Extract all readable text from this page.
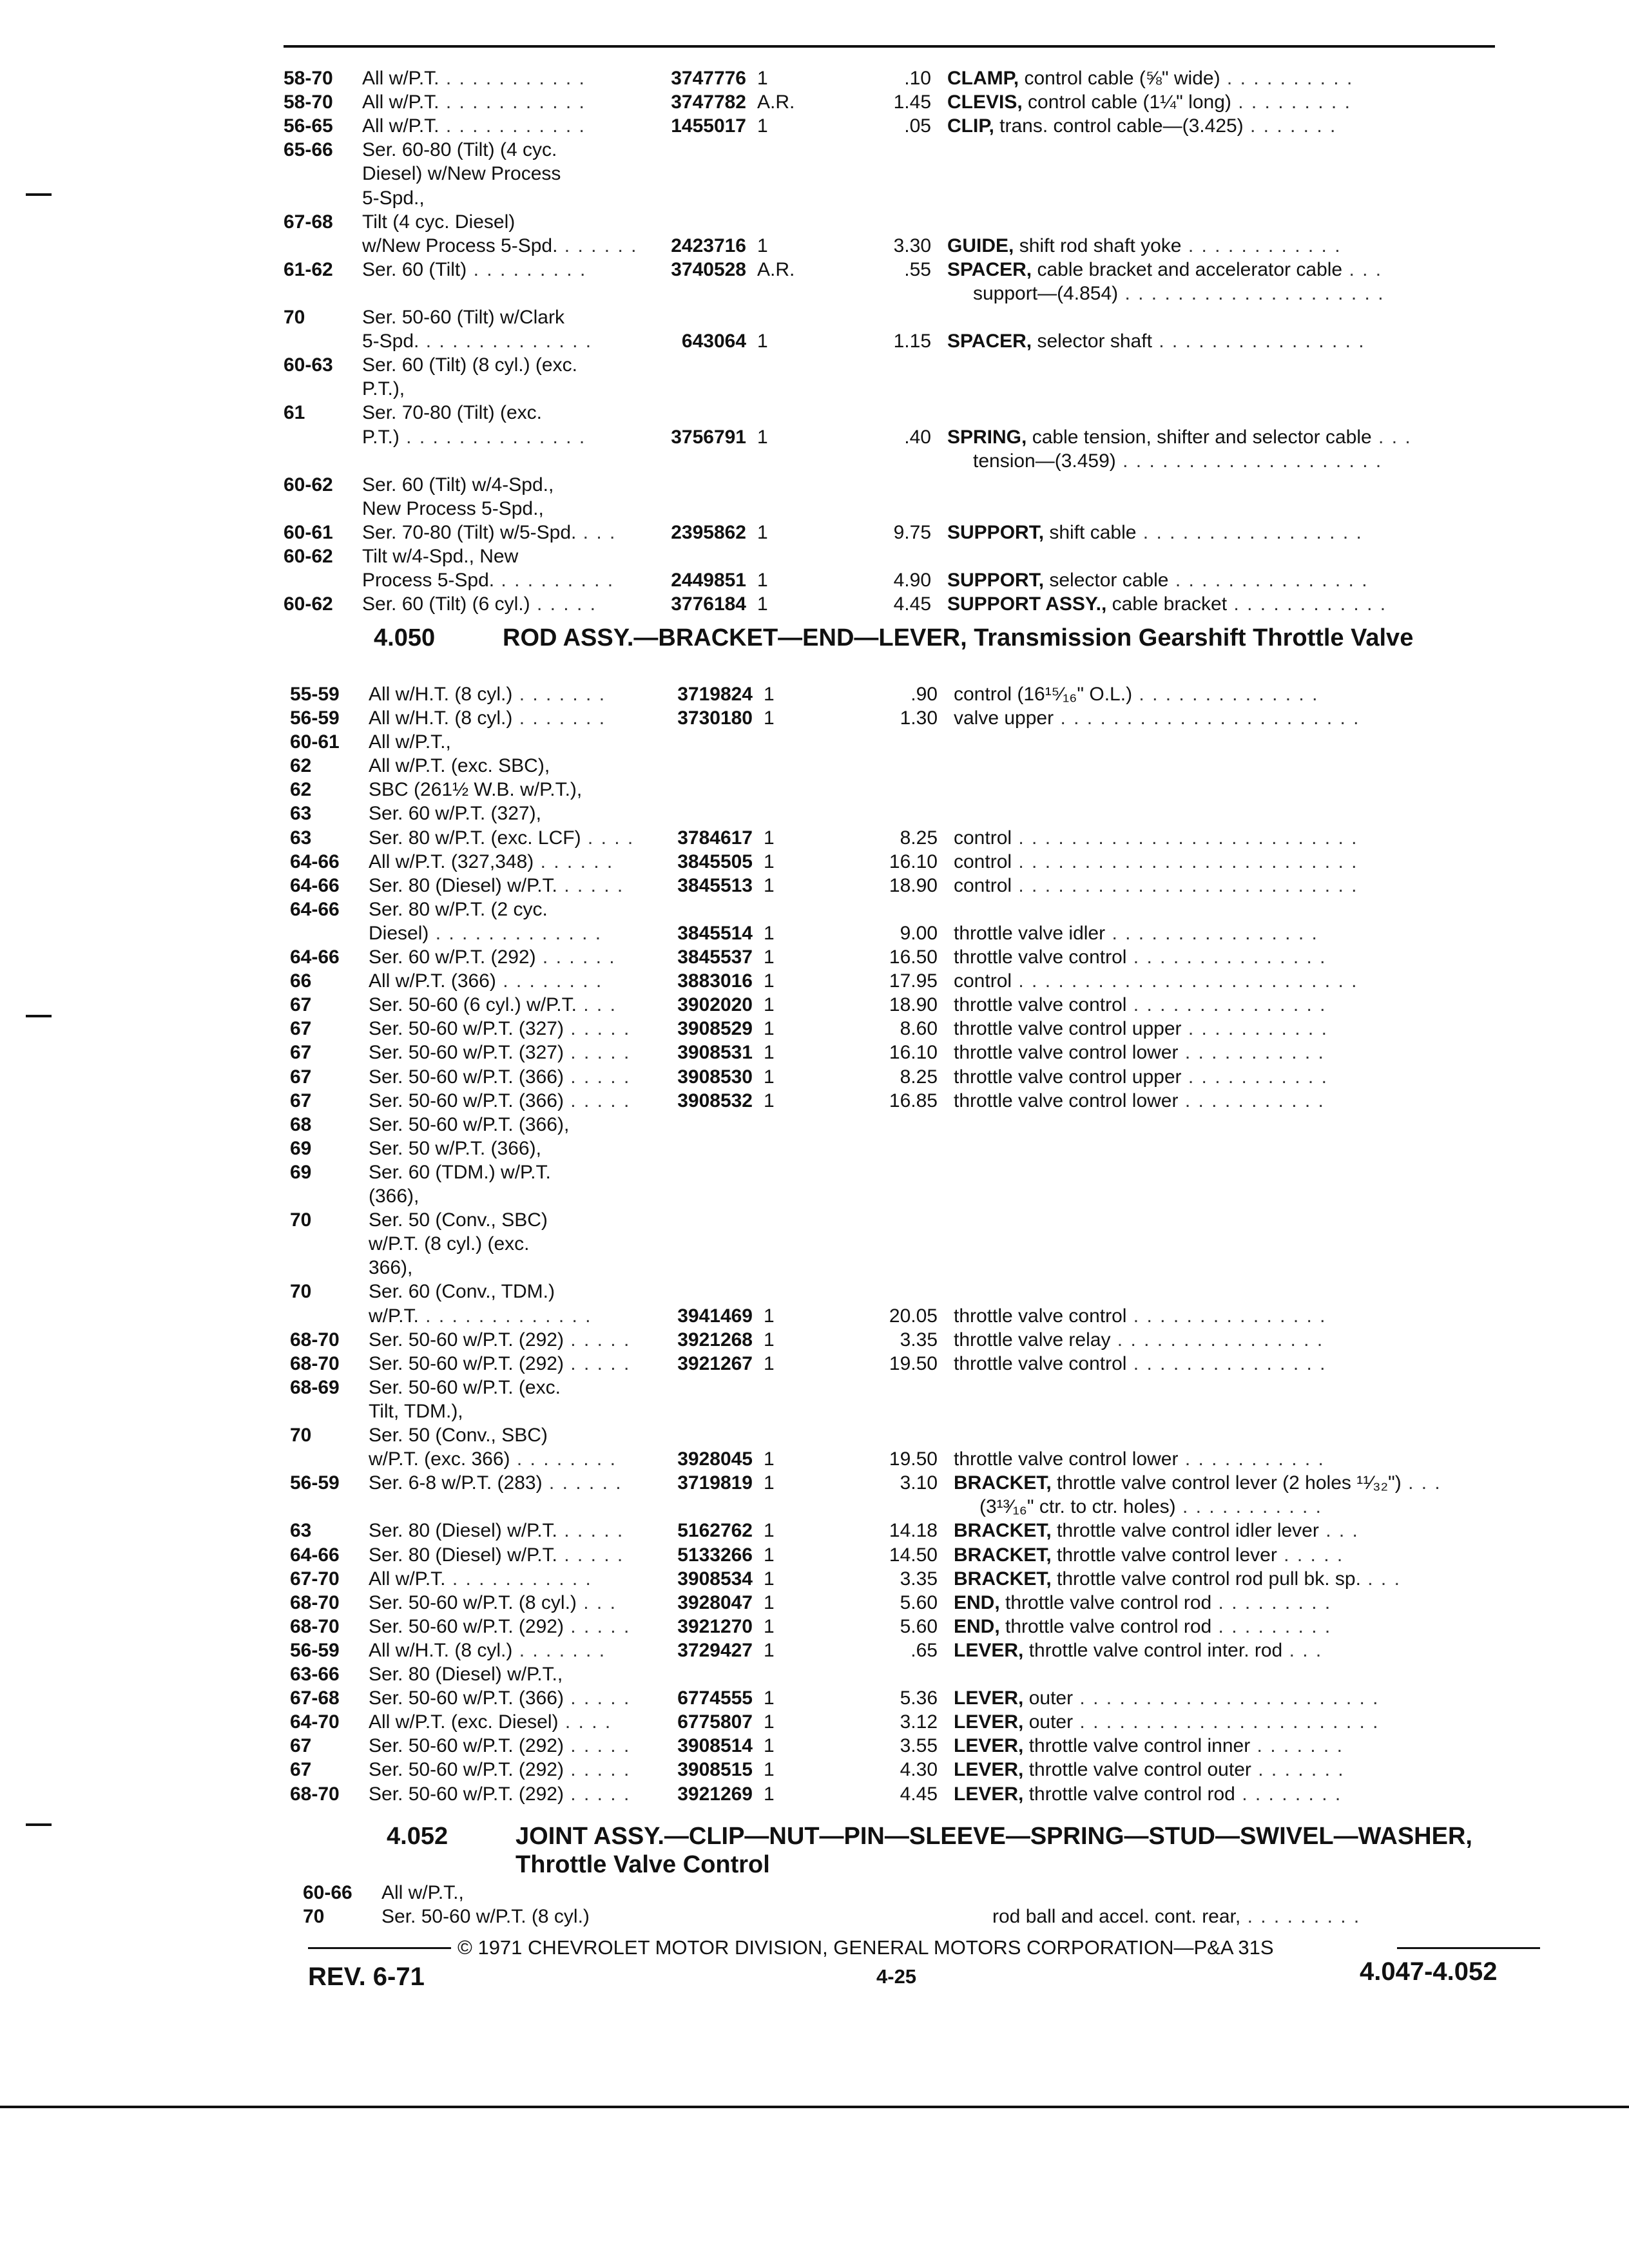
58-70	All w/P.T. . . . . . . . . . . .	3747776 1	.10 CLAMP, control cable (⅝" wide) . . . . . . . . . .
58-70	All w/P.T. . . . . . . . . . . .	3747782 A.R.	1.45 CLEVIS, control cable (1¼" long) . . . . . . . . .
56-65	All w/P.T. . . . . . . . . . . .	1455017 1	.05 CLIP, trans. control cable—(3.425) . . . . . . .
65-66	Ser. 60-80 (Tilt) (4 cyc.
Diesel) w/New Process
5-Spd.,
67-68	Tilt (4 cyc. Diesel)
w/New Process 5-Spd. . . . . . .	2423716 1	3.30 GUIDE, shift rod shaft yoke . . . . . . . . . . . .
61-62	Ser. 60 (Tilt) . . . . . . . . .	3740528 A.R.	.55 SPACER, cable bracket and accelerator cable . . .
support—(4.854) . . . . . . . . . . . . . . . . . . . .
70	Ser. 50-60 (Tilt) w/Clark
5-Spd. . . . . . . . . . . . . .	643064 1	1.15 SPACER, selector shaft . . . . . . . . . . . . . . . .
60-63	Ser. 60 (Tilt) (8 cyl.) (exc.
P.T.),
61	Ser. 70-80 (Tilt) (exc.
P.T.) . . . . . . . . . . . . . .	3756791 1	.40 SPRING, cable tension, shifter and selector cable . . .
tension—(3.459) . . . . . . . . . . . . . . . . . . . .
60-62	Ser. 60 (Tilt) w/4-Spd.,
New Process 5-Spd.,
60-61	Ser. 70-80 (Tilt) w/5-Spd. . . .	2395862 1	9.75 SUPPORT, shift cable . . . . . . . . . . . . . . . . .
60-62	Tilt w/4-Spd., New
Process 5-Spd. . . . . . . . . .	2449851 1	4.90 SUPPORT, selector cable . . . . . . . . . . . . . . .
60-62	Ser. 60 (Tilt) (6 cyl.) . . . . .	3776184 1	4.45 SUPPORT ASSY., cable bracket . . . . . . . . . . . .
4.050	ROD ASSY.—BRACKET—END—LEVER, Transmission Gearshift Throttle Valve
55-59	All w/H.T. (8 cyl.) . . . . . . .	3719824 1	.90 control (16¹⁵⁄₁₆" O.L.) . . . . . . . . . . . . . .
56-59	All w/H.T. (8 cyl.) . . . . . . .	3730180 1	1.30 valve upper . . . . . . . . . . . . . . . . . . . . . . .
60-61	All w/P.T.,
62	All w/P.T. (exc. SBC),
62	SBC (261½ W.B. w/P.T.),
63	Ser. 60 w/P.T. (327),
63	Ser. 80 w/P.T. (exc. LCF) . . . .	3784617 1	8.25 control . . . . . . . . . . . . . . . . . . . . . . . . . .
64-66	All w/P.T. (327,348) . . . . . .	3845505 1	16.10 control . . . . . . . . . . . . . . . . . . . . . . . . . .
64-66	Ser. 80 (Diesel) w/P.T. . . . . .	3845513 1	18.90 control . . . . . . . . . . . . . . . . . . . . . . . . . .
64-66	Ser. 80 w/P.T. (2 cyc.
Diesel) . . . . . . . . . . . . .	3845514 1	9.00 throttle valve idler . . . . . . . . . . . . . . . .
64-66	Ser. 60 w/P.T. (292) . . . . . .	3845537 1	16.50 throttle valve control . . . . . . . . . . . . . . .
66	All w/P.T. (366) . . . . . . . .	3883016 1	17.95 control . . . . . . . . . . . . . . . . . . . . . . . . . .
67	Ser. 50-60 (6 cyl.) w/P.T. . . .	3902020 1	18.90 throttle valve control . . . . . . . . . . . . . . .
67	Ser. 50-60 w/P.T. (327) . . . . .	3908529 1	8.60 throttle valve control upper . . . . . . . . . . .
67	Ser. 50-60 w/P.T. (327) . . . . .	3908531 1	16.10 throttle valve control lower . . . . . . . . . . .
67	Ser. 50-60 w/P.T. (366) . . . . .	3908530 1	8.25 throttle valve control upper . . . . . . . . . . .
67	Ser. 50-60 w/P.T. (366) . . . . .	3908532 1	16.85 throttle valve control lower . . . . . . . . . . .
68	Ser. 50-60 w/P.T. (366),
69	Ser. 50 w/P.T. (366),
69	Ser. 60 (TDM.) w/P.T.
(366),
70	Ser. 50 (Conv., SBC)
w/P.T. (8 cyl.) (exc.
366),
70	Ser. 60 (Conv., TDM.)
w/P.T. . . . . . . . . . . . . .	3941469 1	20.05 throttle valve control . . . . . . . . . . . . . . .
68-70	Ser. 50-60 w/P.T. (292) . . . . .	3921268 1	3.35 throttle valve relay . . . . . . . . . . . . . . . .
68-70	Ser. 50-60 w/P.T. (292) . . . . .	3921267 1	19.50 throttle valve control . . . . . . . . . . . . . . .
68-69	Ser. 50-60 w/P.T. (exc.
Tilt, TDM.),
70	Ser. 50 (Conv., SBC)
w/P.T. (exc. 366) . . . . . . . .	3928045 1	19.50 throttle valve control lower . . . . . . . . . . .
56-59	Ser. 6-8 w/P.T. (283) . . . . . .	3719819 1	3.10 BRACKET, throttle valve control lever (2 holes ¹¹⁄₃₂") . . .
(3¹³⁄₁₆" ctr. to ctr. holes) . . . . . . . . . . .
63	Ser. 80 (Diesel) w/P.T. . . . . .	5162762 1	14.18 BRACKET, throttle valve control idler lever . . .
64-66	Ser. 80 (Diesel) w/P.T. . . . . .	5133266 1	14.50 BRACKET, throttle valve control lever . . . . .
67-70	All w/P.T. . . . . . . . . . . .	3908534 1	3.35 BRACKET, throttle valve control rod pull bk. sp. . . .
68-70	Ser. 50-60 w/P.T. (8 cyl.) . . .	3928047 1	5.60 END, throttle valve control rod . . . . . . . . .
68-70	Ser. 50-60 w/P.T. (292) . . . . .	3921270 1	5.60 END, throttle valve control rod . . . . . . . . .
56-59	All w/H.T. (8 cyl.) . . . . . . .	3729427 1	.65 LEVER, throttle valve control inter. rod . . .
63-66	Ser. 80 (Diesel) w/P.T.,
67-68	Ser. 50-60 w/P.T. (366) . . . . .	6774555 1	5.36 LEVER, outer . . . . . . . . . . . . . . . . . . . . . . .
64-70	All w/P.T. (exc. Diesel) . . . .	6775807 1	3.12 LEVER, outer . . . . . . . . . . . . . . . . . . . . . . .
67	Ser. 50-60 w/P.T. (292) . . . . .	3908514 1	3.55 LEVER, throttle valve control inner . . . . . . .
67	Ser. 50-60 w/P.T. (292) . . . . .	3908515 1	4.30 LEVER, throttle valve control outer . . . . . . .
68-70	Ser. 50-60 w/P.T. (292) . . . . .	3921269 1	4.45 LEVER, throttle valve control rod . . . . . . . .
4.052	JOINT ASSY.—CLIP—NUT—PIN—SLEEVE—SPRING—STUD—SWIVEL—WASHER, Throttle Valve Control
60-66	All w/P.T.,
70	Ser. 50-60 w/P.T. (8 cyl.)	rod ball and accel. cont. rear, . . . . . . . . .
© 1971 CHEVROLET MOTOR DIVISION, GENERAL MOTORS CORPORATION—P&A 31S
REV. 6-71	4-25	4.047-4.052
